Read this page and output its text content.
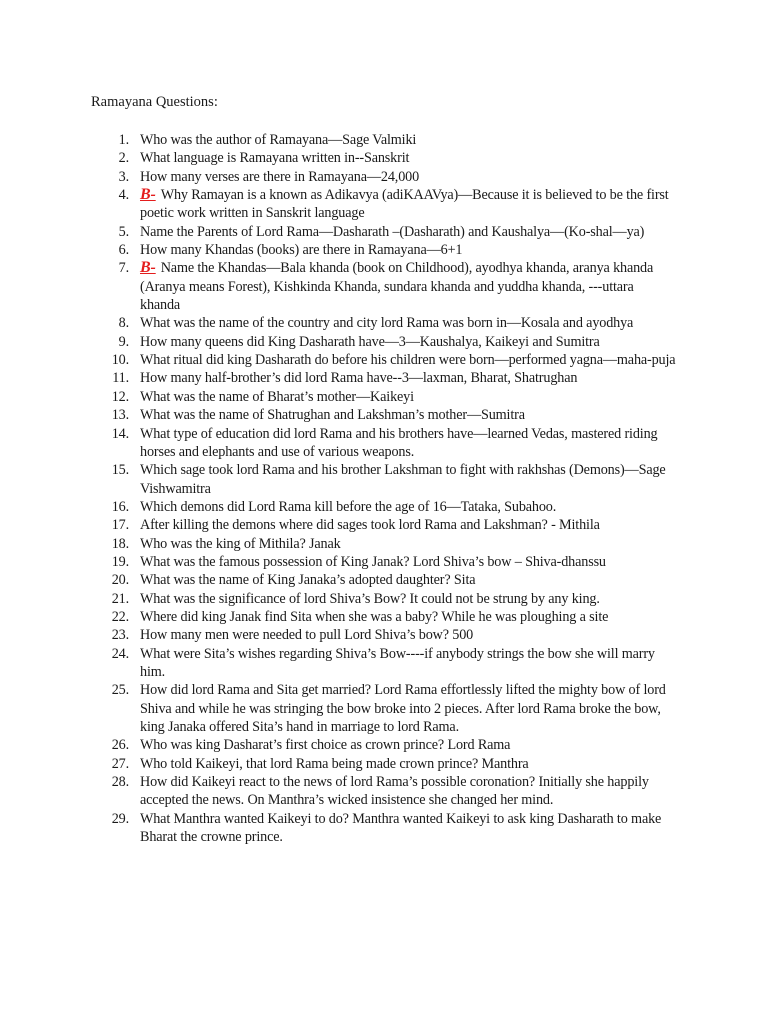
Ramayana Questions:
1. Who was the author of Ramayana—Sage Valmiki
2. What language is Ramayana written in--Sanskrit
3. How many verses are there in Ramayana—24,000
4. B- Why Ramayan is a known as Adikavya (adiKAAVya)—Because it is believed to be the first poetic work written in Sanskrit language
5. Name the Parents of Lord Rama—Dasharath –(Dasharath) and Kaushalya—(Ko-shal—ya)
6. How many Khandas (books) are there in Ramayana—6+1
7. B- Name the Khandas—Bala khanda (book on Childhood), ayodhya khanda, aranya khanda (Aranya means Forest), Kishkinda Khanda, sundara khanda and yuddha khanda, ---uttara khanda
8. What was the name of the country and city lord Rama was born in—Kosala and ayodhya
9. How many queens did King Dasharath have—3—Kaushalya, Kaikeyi and Sumitra
10. What ritual did king Dasharath do before his children were born—performed yagna—maha-puja
11. How many half-brother’s did lord Rama have--3—laxman, Bharat, Shatrughan
12. What was the name of Bharat’s mother—Kaikeyi
13. What was the name of Shatrughan and Lakshman’s mother—Sumitra
14. What type of education did lord Rama and his brothers have—learned Vedas, mastered riding horses and elephants and use of various weapons.
15. Which sage took lord Rama and his brother Lakshman to fight with rakhshas (Demons)—Sage Vishwamitra
16. Which demons did Lord Rama kill before the age of 16—Tataka, Subahoo.
17. After killing the demons where did sages took lord Rama and Lakshman? - Mithila
18. Who was the king of Mithila? Janak
19. What was the famous possession of King Janak? Lord Shiva’s bow – Shiva-dhanssu
20. What was the name of King Janaka’s adopted daughter? Sita
21. What was the significance of lord Shiva’s Bow? It could not be strung by any king.
22. Where did king Janak find Sita when she was a baby? While he was ploughing a site
23. How many men were needed to pull Lord Shiva’s bow? 500
24. What were Sita’s wishes regarding Shiva’s Bow----if anybody strings the bow she will marry him.
25. How did lord Rama and Sita get married? Lord Rama effortlessly lifted the mighty bow of lord Shiva and while he was stringing the bow broke into 2 pieces. After lord Rama broke the bow, king Janaka offered Sita’s hand in marriage to lord Rama.
26. Who was king Dasharat’s first choice as crown prince? Lord Rama
27. Who told Kaikeyi, that lord Rama being made crown prince? Manthra
28. How did Kaikeyi react to the news of lord Rama’s possible coronation? Initially she happily accepted the news. On Manthra’s wicked insistence she changed her mind.
29. What Manthra wanted Kaikeyi to do? Manthra wanted Kaikeyi to ask king Dasharath to make Bharat the crowne prince.
